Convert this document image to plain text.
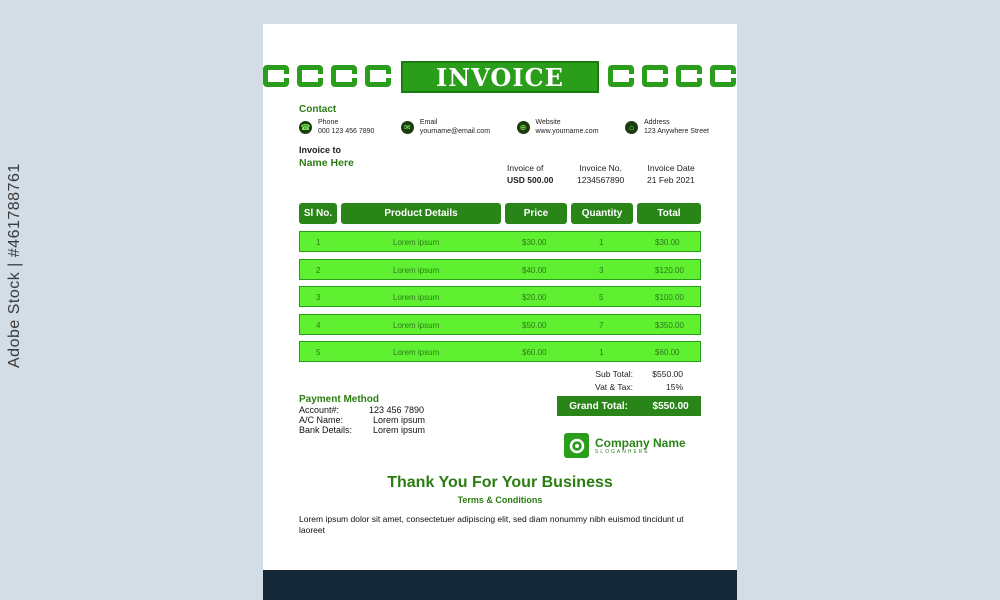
Adobe Stock | #461788761
INVOICE
Contact
☎ Phone
000 123 456 7890	✉	Email
yourname@email.com	⊕	Website
www.yourname.com	⌂	Address
123 Anywhere Street
Invoice to
Name Here	Invoice of
USD 500.00
Invoice No.
1234567890
Invoice Date
21 Feb 2021
Sl No.	Product Details	Price	Quantity	Total
1	Lorem ipsum	$30.00	1	$30.00
2	Lorem ipsum	$40.00	3	$120.00
3	Lorem ipsum	$20.00	5	$100.00
4	Lorem ipsum	$50.00	7	$350.00
5	Lorem ipsum	$60.00	1	$60.00
Sub Total:	$550.00
Vat & Tax:	15%
Grand Total: $550.00
Payment Method
Account#:	123 456 7890
A/C Name:	Lorem ipsum
Bank Details:	Lorem ipsum
Company Name
SLOGANHERE
Thank You For Your Business
Terms & Conditions
Lorem ipsum dolor sit amet, consectetuer adipiscing elit, sed diam nonummy nibh euismod tincidunt ut laoreet
